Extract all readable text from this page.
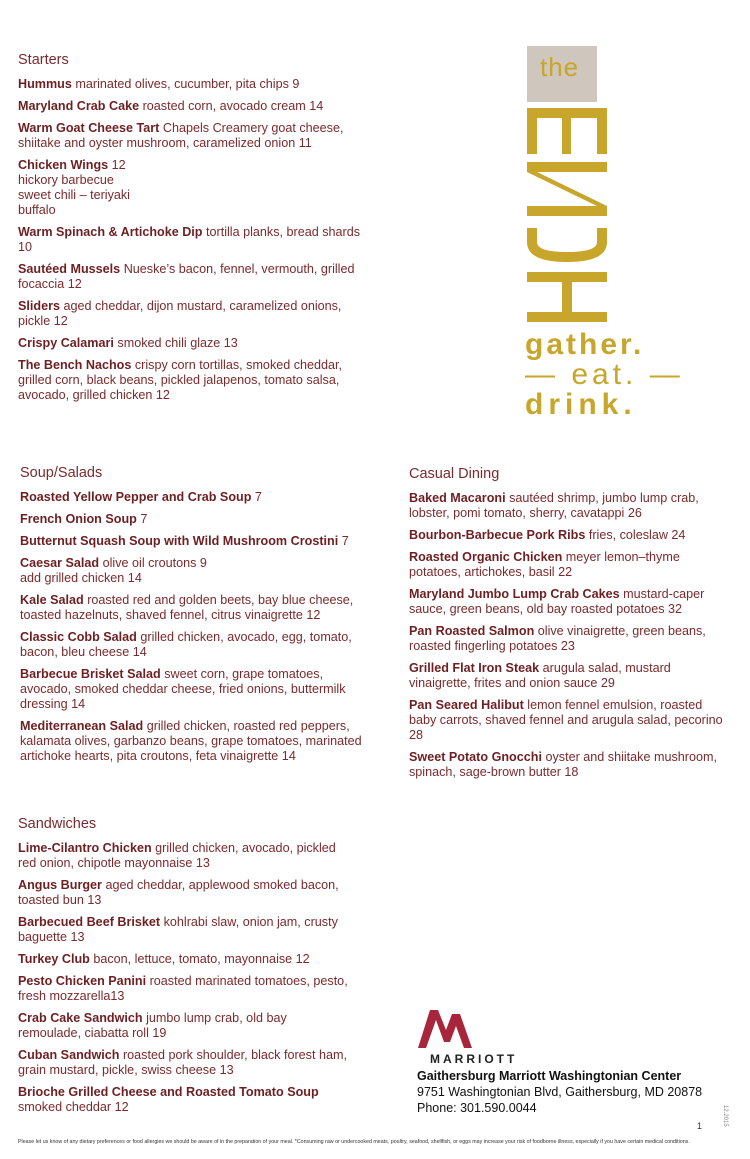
Starters
Hummus marinated olives, cucumber, pita chips 9
Maryland Crab Cake roasted corn, avocado cream 14
Warm Goat Cheese Tart Chapels Creamery goat cheese, shiitake and oyster mushroom, caramelized onion 11
Chicken Wings 12
hickory barbecue
sweet chili – teriyaki
buffalo
Warm Spinach & Artichoke Dip tortilla planks, bread shards 10
Sautéed Mussels Nueske’s bacon, fennel, vermouth, grilled focaccia 12
Sliders aged cheddar, dijon mustard, caramelized onions, pickle 12
Crispy Calamari smoked chili glaze 13
The Bench Nachos crispy corn tortillas, smoked cheddar, grilled corn, black beans, pickled jalapenos, tomato salsa, avocado, grilled chicken 12
Soup/Salads
Roasted Yellow Pepper and Crab Soup 7
French Onion Soup 7
Butternut Squash Soup with Wild Mushroom Crostini 7
Caesar Salad olive oil croutons 9
add grilled chicken 14
Kale Salad roasted red and golden beets, bay blue cheese, toasted hazelnuts, shaved fennel, citrus vinaigrette 12
Classic Cobb Salad grilled chicken, avocado, egg, tomato, bacon, bleu cheese 14
Barbecue Brisket Salad sweet corn, grape tomatoes, avocado, smoked cheddar cheese, fried onions, buttermilk dressing 14
Mediterranean Salad grilled chicken, roasted red peppers, kalamata olives, garbanzo beans, grape tomatoes, marinated artichoke hearts, pita croutons, feta vinaigrette 14
Casual Dining
Baked Macaroni sautéed shrimp, jumbo lump crab, lobster, pomi tomato, sherry, cavatappi 26
Bourbon-Barbecue Pork Ribs fries, coleslaw 24
Roasted Organic Chicken meyer lemon–thyme potatoes, artichokes, basil 22
Maryland Jumbo Lump Crab Cakes mustard-caper sauce, green beans, old bay roasted potatoes 32
Pan Roasted Salmon olive vinaigrette, green beans, roasted fingerling potatoes 23
Grilled Flat Iron Steak arugula salad, mustard vinaigrette, frites and onion sauce 29
Pan Seared Halibut lemon fennel emulsion, roasted baby carrots, shaved fennel and arugula salad, pecorino 28
Sweet Potato Gnocchi oyster and shiitake mushroom, spinach, sage-brown butter 18
Sandwiches
Lime-Cilantro Chicken grilled chicken, avocado, pickled red onion, chipotle mayonnaise 13
Angus Burger aged cheddar, applewood smoked bacon, toasted bun 13
Barbecued Beef Brisket kohlrabi slaw, onion jam, crusty baguette 13
Turkey Club bacon, lettuce, tomato, mayonnaise 12
Pesto Chicken Panini roasted marinated tomatoes, pesto, fresh mozzarella13
Crab Cake Sandwich jumbo lump crab, old bay remoulade, ciabatta roll 19
Cuban Sandwich roasted pork shoulder, black forest ham, grain mustard, pickle, swiss cheese 13
Brioche Grilled Cheese and Roasted Tomato Soup smoked cheddar 12
the
gather.
— eat. —
drink.
MARRIOTT
Gaithersburg Marriott Washingtonian Center
9751 Washingtonian Blvd, Gaithersburg, MD 20878
Phone: 301.590.0044
1	12.2015
Please let us know of any dietary preferences or food allergies we should be aware of in the preparation of your meal. *Consuming raw or undercooked meats, poultry, seafood, shellfish, or eggs may increase your risk of foodborne illness, especially if you have certain medical conditions.
